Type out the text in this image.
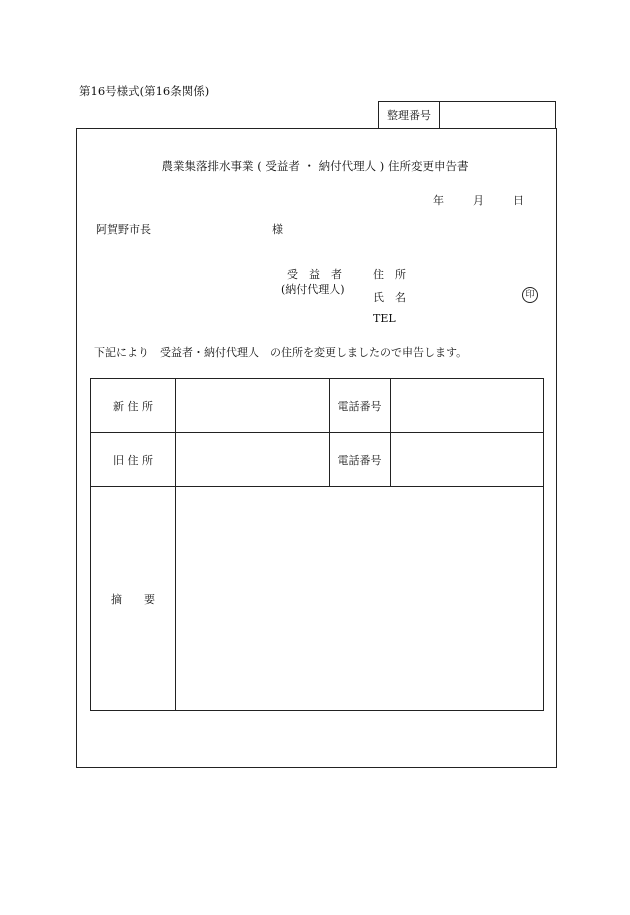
第16号様式(第16条関係)
整理番号
農業集落排水事業 ( 受益者 ・ 納付代理人 ) 住所変更申告書
年	月	日
阿賀野市長	様
受　益　者
(納付代理人)
住　所
氏　名
TEL
印
下記により　受益者・納付代理人　の住所を変更しましたので申告します。
新 住 所		電話番号	
旧 住 所		電話番号	
摘　　要			
